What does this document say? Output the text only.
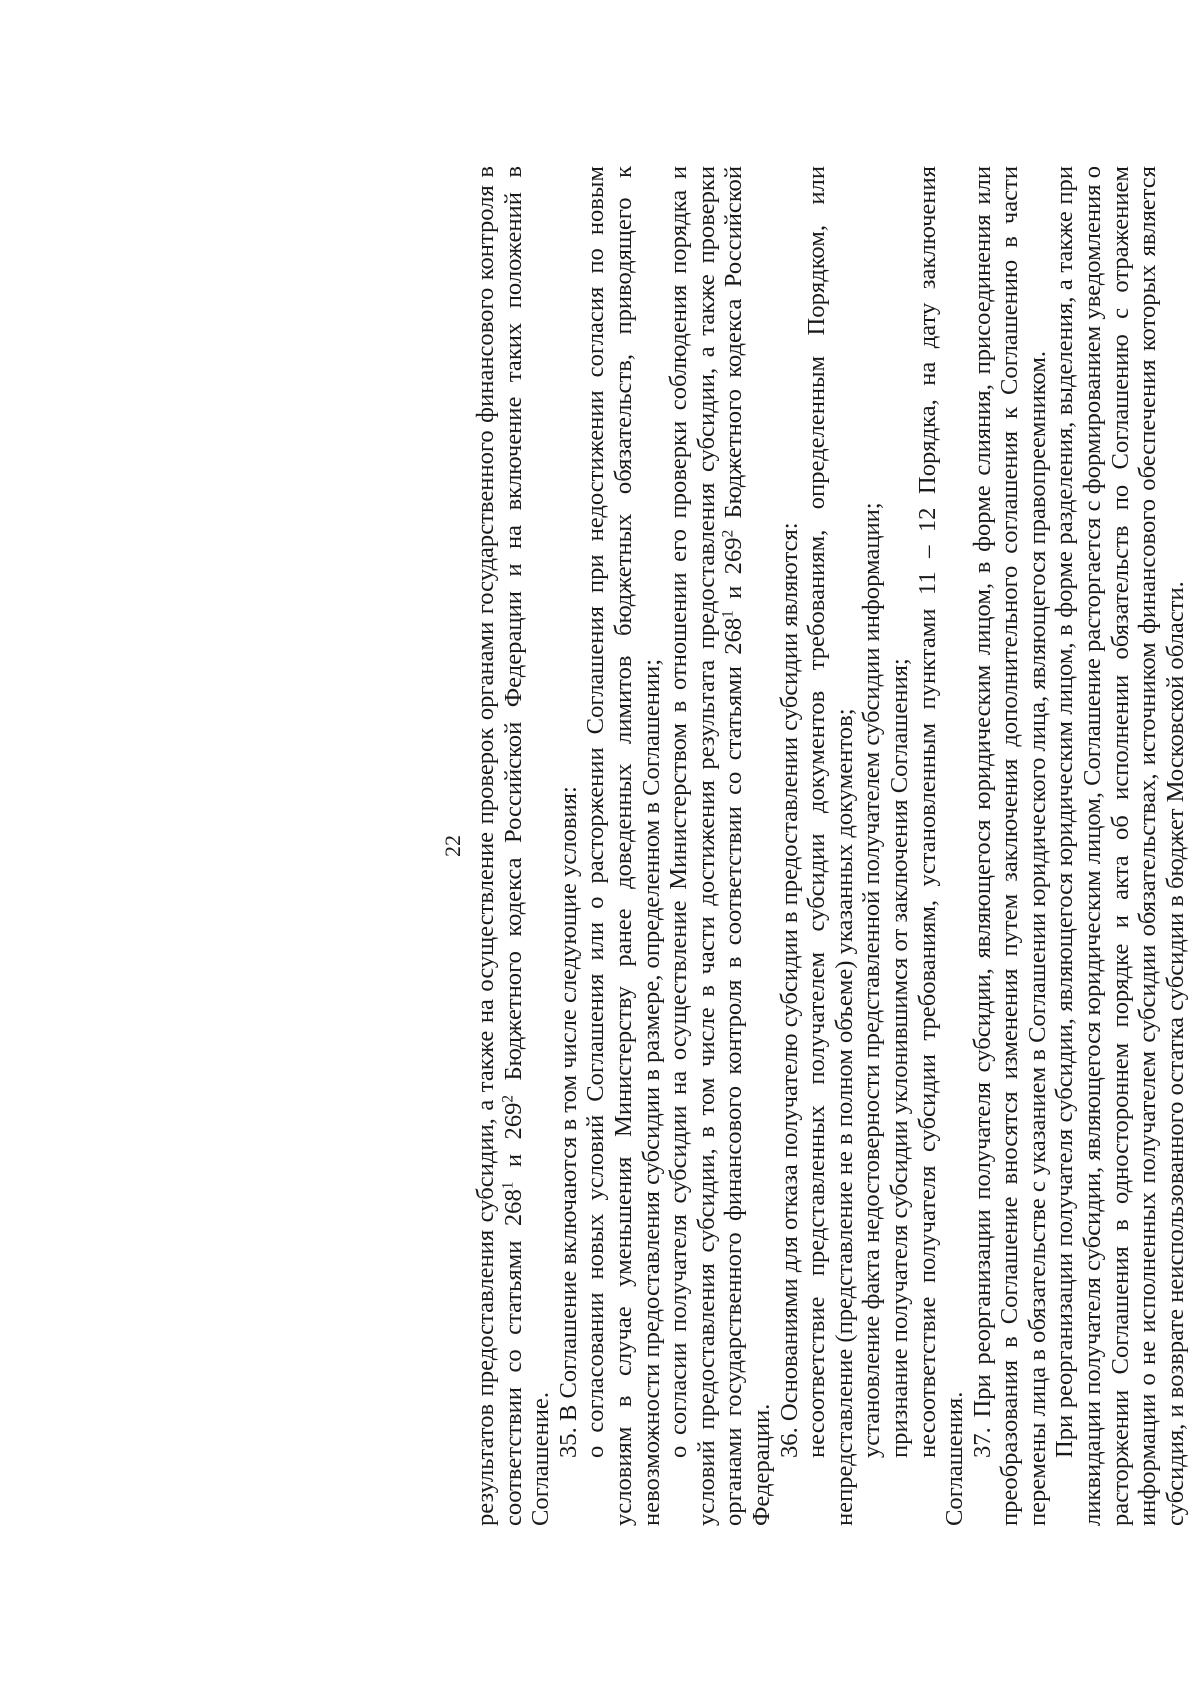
22 результатов предоставления субсидии, а также на осуществление проверок органами государственного финансового контроля в соответствии со статьями $268^1$ и $269^2$ Бюджетного кодекса Российской Федерации и на включение таких положений в Соглашение.

35. В Соглашение включаются в том числе следующие условия: о согласовании новых условий Соглашения или о расторжении Соглашения при недостижении согласия по новым условиям в случае уменьшения Министерству ранее доведенных лимитов бюджетных обязательств, приводящего к невозможности предоставления субсидии в размере, определенном в Соглашении; о согласии получателя субсидии на осуществление Министерством в отношении его проверки соблюдения порядка и условий предоставления субсидии, в том числе в части достижения результата предоставления субсидии, а также проверки органами государственного финансового контроля в соответствии со статьями $268^1$ и $269^2$ Бюджетного кодекса Российской Федерации.

36. Основаниями для отказа получателю субсидии в предоставлении субсидии являются: несоответствие представленных получателем субсидии документов требованиям, определенным Порядком, или непредставление (представление не в полном объеме) указанных документов; установление факта недостоверности представленной получателем субсидии информации; признание получателя субсидии уклонившимся от заключения Соглашения; несоответствие получателя субсидии требованиям, установленным пунктами 11 – 12 Порядка, на дату заключения Соглашения.

37. При реорганизации получателя субсидии, являющегося юридическим лицом, в форме слияния, присоединения или преобразования в Соглашение вносятся изменения путем заключения дополнительного соглашения к Соглашению в части перемены лица в обязательстве с указанием в Соглашении юридического лица, являющегося правопреемником. При реорганизации получателя субсидии, являющегося юридическим лицом, в форме разделения, выделения, а также при ликвидации получателя субсидии, являющегося юридическим лицом, Соглашение расторгается с формированием уведомления о расторжении Соглашения в одностороннем порядке и акта об исполнении обязательств по Соглашению с отражением информации о не исполненных получателем субсидии обязательствах, источником финансового обеспечения которых является субсидия, и возврате неиспользованного остатка субсидии в бюджет Московской области.
